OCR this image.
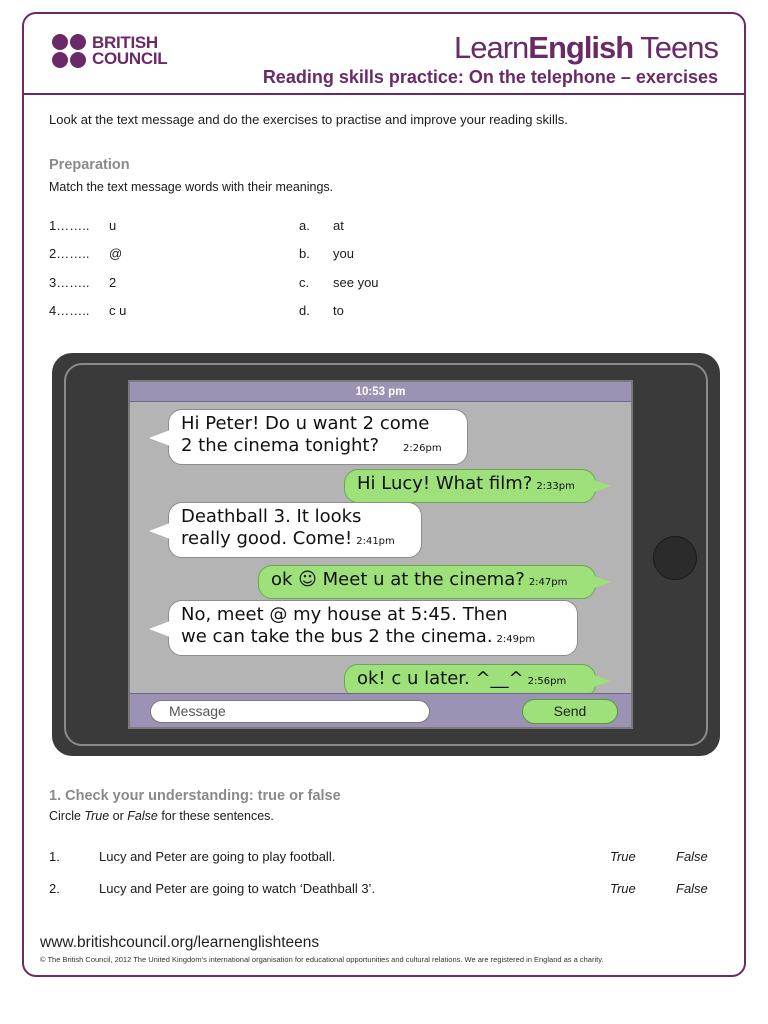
BRITISH
COUNCIL	LearnEnglish Teens
Reading skills practice: On the telephone – exercises
Look at the text message and do the exercises to practise and improve your reading skills.
Preparation
Match the text message words with their meanings.
1…….. u	a. at
2…….. @	b. you
3…….. 2	c. see you
4…….. c u	d. to
10:53 pm
Hi Peter! Do u want 2 come
2 the cinema tonight? 2:26pm
Hi Lucy! What film? 2:33pm
Deathball 3. It looks
really good. Come! 2:41pm
ok ☺ Meet u at the cinema? 2:47pm
No, meet @ my house at 5:45. Then
we can take the bus 2 the cinema. 2:49pm
ok! c u later. ^__^ 2:56pm
Message	Send
1. Check your understanding: true or false
Circle True or False for these sentences.
1.	Lucy and Peter are going to play football.	True	False
2.	Lucy and Peter are going to watch ‘Deathball 3’.	True	False
www.britishcouncil.org/learnenglishteens
© The British Council, 2012 The United Kingdom’s international organisation for educational opportunities and cultural relations. We are registered in England as a charity.
